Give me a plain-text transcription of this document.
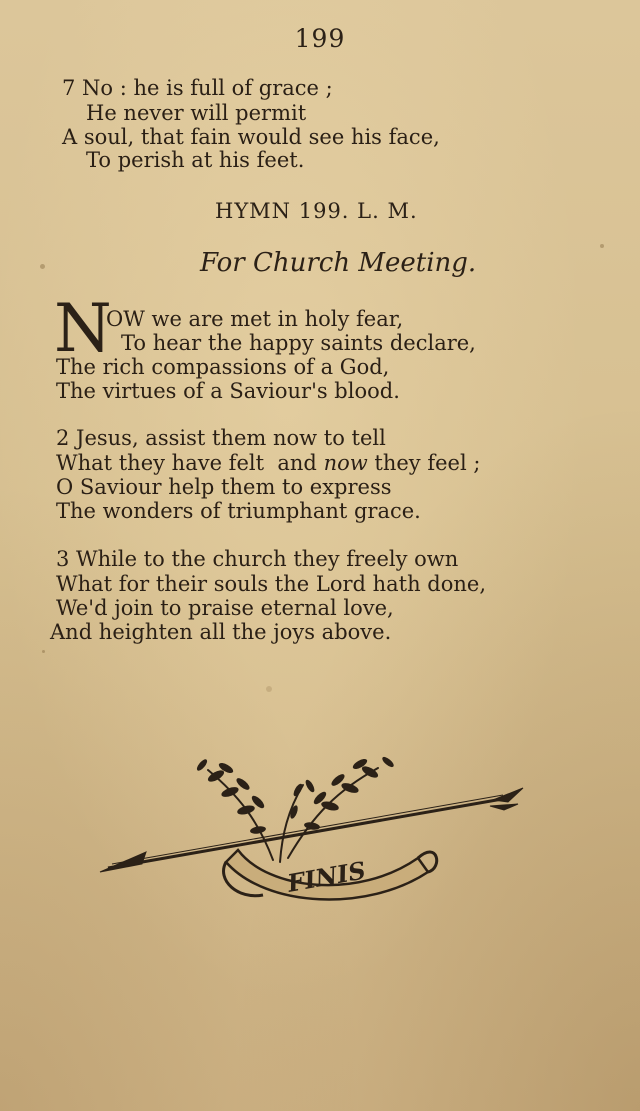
199
7 No : he is full of grace ;
He never will permit
A soul, that fain would see his face,
To perish at his feet.
HYMN 199. L. M.
For Church Meeting.
N
OW we are met in holy fear,
To hear the happy saints declare,
The rich compassions of a God,
The virtues of a Saviour's blood.
2 Jesus, assist them now to tell
What they have felt  and now they feel ;
O Saviour help them to express
The wonders of triumphant grace.
3 While to the church they freely own
What for their souls the Lord hath done,
We'd join to praise eternal love,
And heighten all the joys above.
FINIS
